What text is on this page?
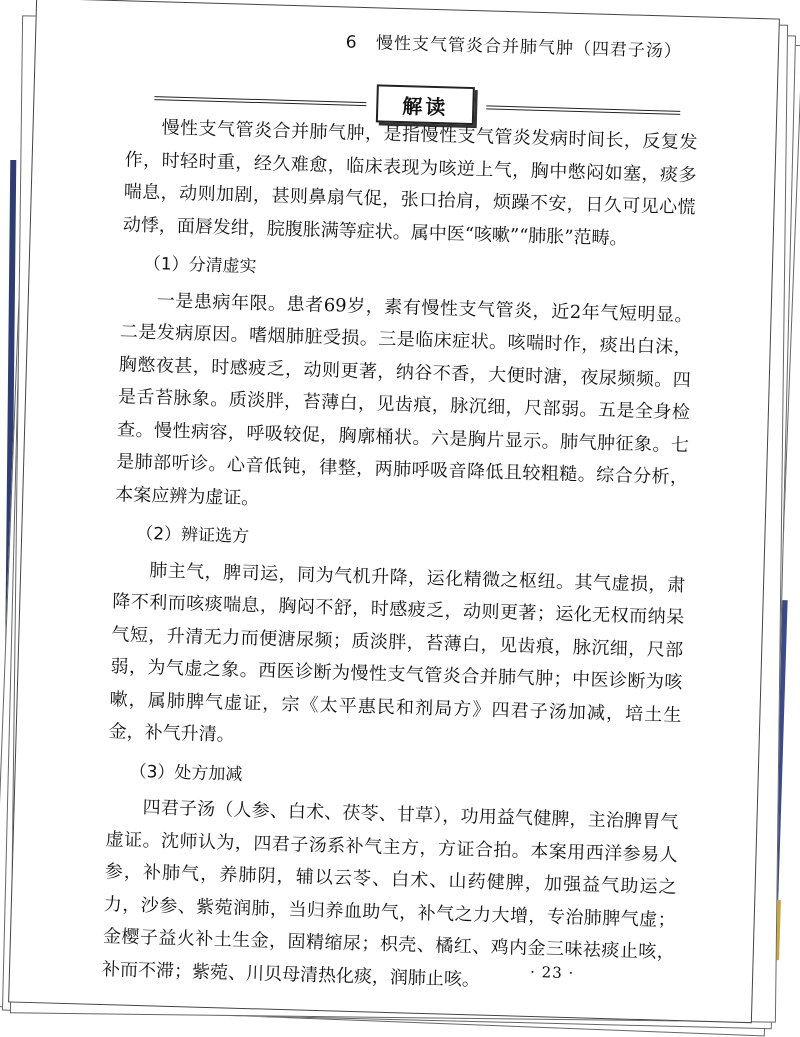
6 慢性支气管炎合并肺气肿（四君子汤）
解读

慢性支气管炎合并肺气肿，是指慢性支气管炎发病时间长，反复发作，时轻时重，经久难愈，临床表现为咳逆上气，胸中憋闷如塞，痰多喘息，动则加剧，甚则鼻扇气促，张口抬肩，烦躁不安，日久可见心慌动悸，面唇发绀，脘腹胀满等症状。属中医“咳嗽”“肺胀”范畴。

（1）分清虚实

一是患病年限。患者69岁，素有慢性支气管炎，近2年气短明显。二是发病原因。嗜烟肺脏受损。三是临床症状。咳喘时作，痰出白沫，胸憋夜甚，时感疲乏，动则更著，纳谷不香，大便时溏，夜尿频频。四是舌苔脉象。质淡胖，苔薄白，见齿痕，脉沉细，尺部弱。五是全身检查。慢性病容，呼吸较促，胸廓桶状。六是胸片显示。肺气肿征象。七是肺部听诊。心音低钝，律整，两肺呼吸音降低且较粗糙。综合分析，本案应辨为虚证。

（2）辨证选方

肺主气，脾司运，同为气机升降，运化精微之枢纽。其气虚损，肃降不利而咳痰喘息，胸闷不舒，时感疲乏，动则更著；运化无权而纳呆气短，升清无力而便溏尿频；质淡胖，苔薄白，见齿痕，脉沉细，尺部弱，为气虚之象。西医诊断为慢性支气管炎合并肺气肿；中医诊断为咳嗽，属肺脾气虚证，宗《太平惠民和剂局方》四君子汤加减，培土生金，补气升清。

（3）处方加减

四君子汤（人参、白术、茯苓、甘草），功用益气健脾，主治脾胃气虚证。沈师认为，四君子汤系补气主方，方证合拍。本案用西洋参易人参，补肺气，养肺阴，辅以云苓、白术、山药健脾，加强益气助运之力，沙参、紫菀润肺，当归养血助气，补气之力大增，专治肺脾气虚；金樱子益火补土生金，固精缩尿；枳壳、橘红、鸡内金三味祛痰止咳，补而不滞；紫菀、川贝母清热化痰，润肺止咳。	· 23 ·
